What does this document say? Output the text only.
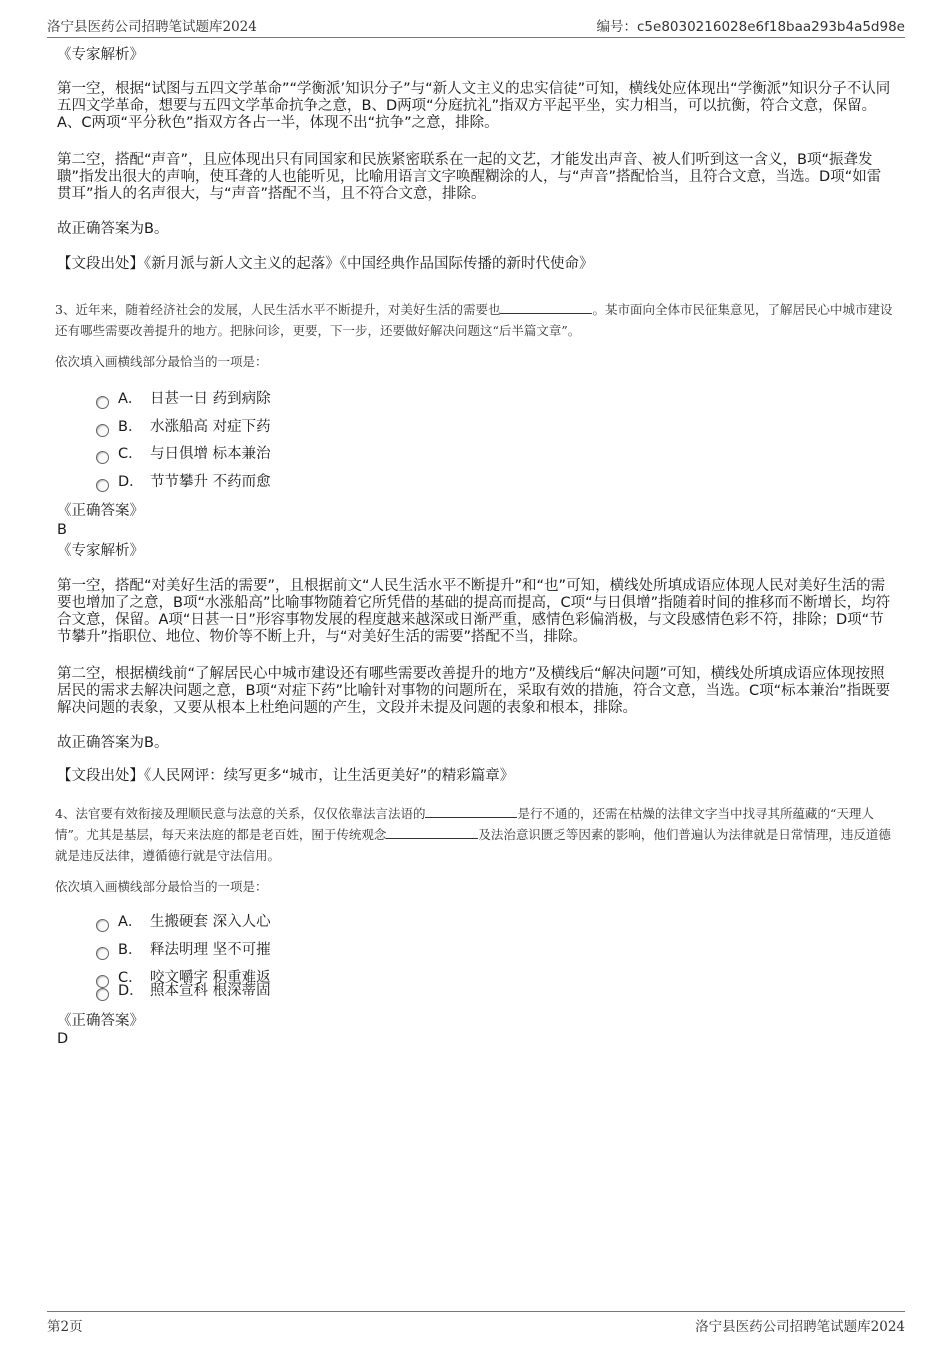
洛宁县医药公司招聘笔试题库2024	编号：c5e8030216028e6f18baa293b4a5d98e
《专家解析》
第一空，根据“试图与五四文学革命”“学衡派’知识分子”与“新人文主义的忠实信徒”可知，横线处应体现出“学衡派”知识分子不认同五四文学革命，想要与五四文学革命抗争之意，B、D两项“分庭抗礼”指双方平起平坐，实力相当，可以抗衡，符合文意，保留。A、C两项“平分秋色”指双方各占一半，体现不出“抗争”之意，排除。
第二空，搭配“声音”，且应体现出只有同国家和民族紧密联系在一起的文艺，才能发出声音、被人们听到这一含义，B项“振聋发聩”指发出很大的声响，使耳聋的人也能听见，比喻用语言文字唤醒糊涂的人，与“声音”搭配恰当，且符合文意，当选。D项“如雷贯耳”指人的名声很大，与“声音”搭配不当，且不符合文意，排除。
故正确答案为B。
【文段出处】《新月派与新人文主义的起落》《中国经典作品国际传播的新时代使命》
3、近年来，随着经济社会的发展，人民生活水平不断提升，对美好生活的需要也	。某市面向全体市民征集意见，了解居民心中城市建设还有哪些需要改善提升的地方。把脉问诊，更要，下一步，还要做好解决问题这“后半篇文章”。
依次填入画横线部分最恰当的一项是：
A． 日甚一日 药到病除
B． 水涨船高 对症下药
C． 与日俱增 标本兼治
D． 节节攀升 不药而愈
《正确答案》
B
《专家解析》
第一空，搭配“对美好生活的需要”，且根据前文“人民生活水平不断提升”和“也”可知，横线处所填成语应体现人民对美好生活的需要也增加了之意，B项“水涨船高”比喻事物随着它所凭借的基础的提高而提高，C项“与日俱增”指随着时间的推移而不断增长，均符合文意，保留。A项“日甚一日”形容事物发展的程度越来越深或日渐严重，感情色彩偏消极，与文段感情色彩不符，排除；D项“节节攀升”指职位、地位、物价等不断上升，与“对美好生活的需要”搭配不当，排除。
第二空，根据横线前“了解居民心中城市建设还有哪些需要改善提升的地方”及横线后“解决问题”可知，横线处所填成语应体现按照居民的需求去解决问题之意，B项“对症下药”比喻针对事物的问题所在，采取有效的措施，符合文意，当选。C项“标本兼治”指既要解决问题的表象，又要从根本上杜绝问题的产生，文段并未提及问题的表象和根本，排除。
故正确答案为B。
【文段出处】《人民网评：续写更多“城市，让生活更美好”的精彩篇章》
4、法官要有效衔接及理顺民意与法意的关系，仅仅依靠法言法语的	是行不通的，还需在枯燥的法律文字当中找寻其所蕴藏的“天理人情”。尤其是基层，每天来法庭的都是老百姓，囿于传统观念	及法治意识匮乏等因素的影响，他们普遍认为法律就是日常情理，违反道德就是违反法律，遵循德行就是守法信用。
依次填入画横线部分最恰当的一项是：
A． 生搬硬套 深入人心
B． 释法明理 坚不可摧
C． 咬文嚼字 积重难返
D． 照本宣科 根深蒂固
《正确答案》
D
第2页	洛宁县医药公司招聘笔试题库2024
